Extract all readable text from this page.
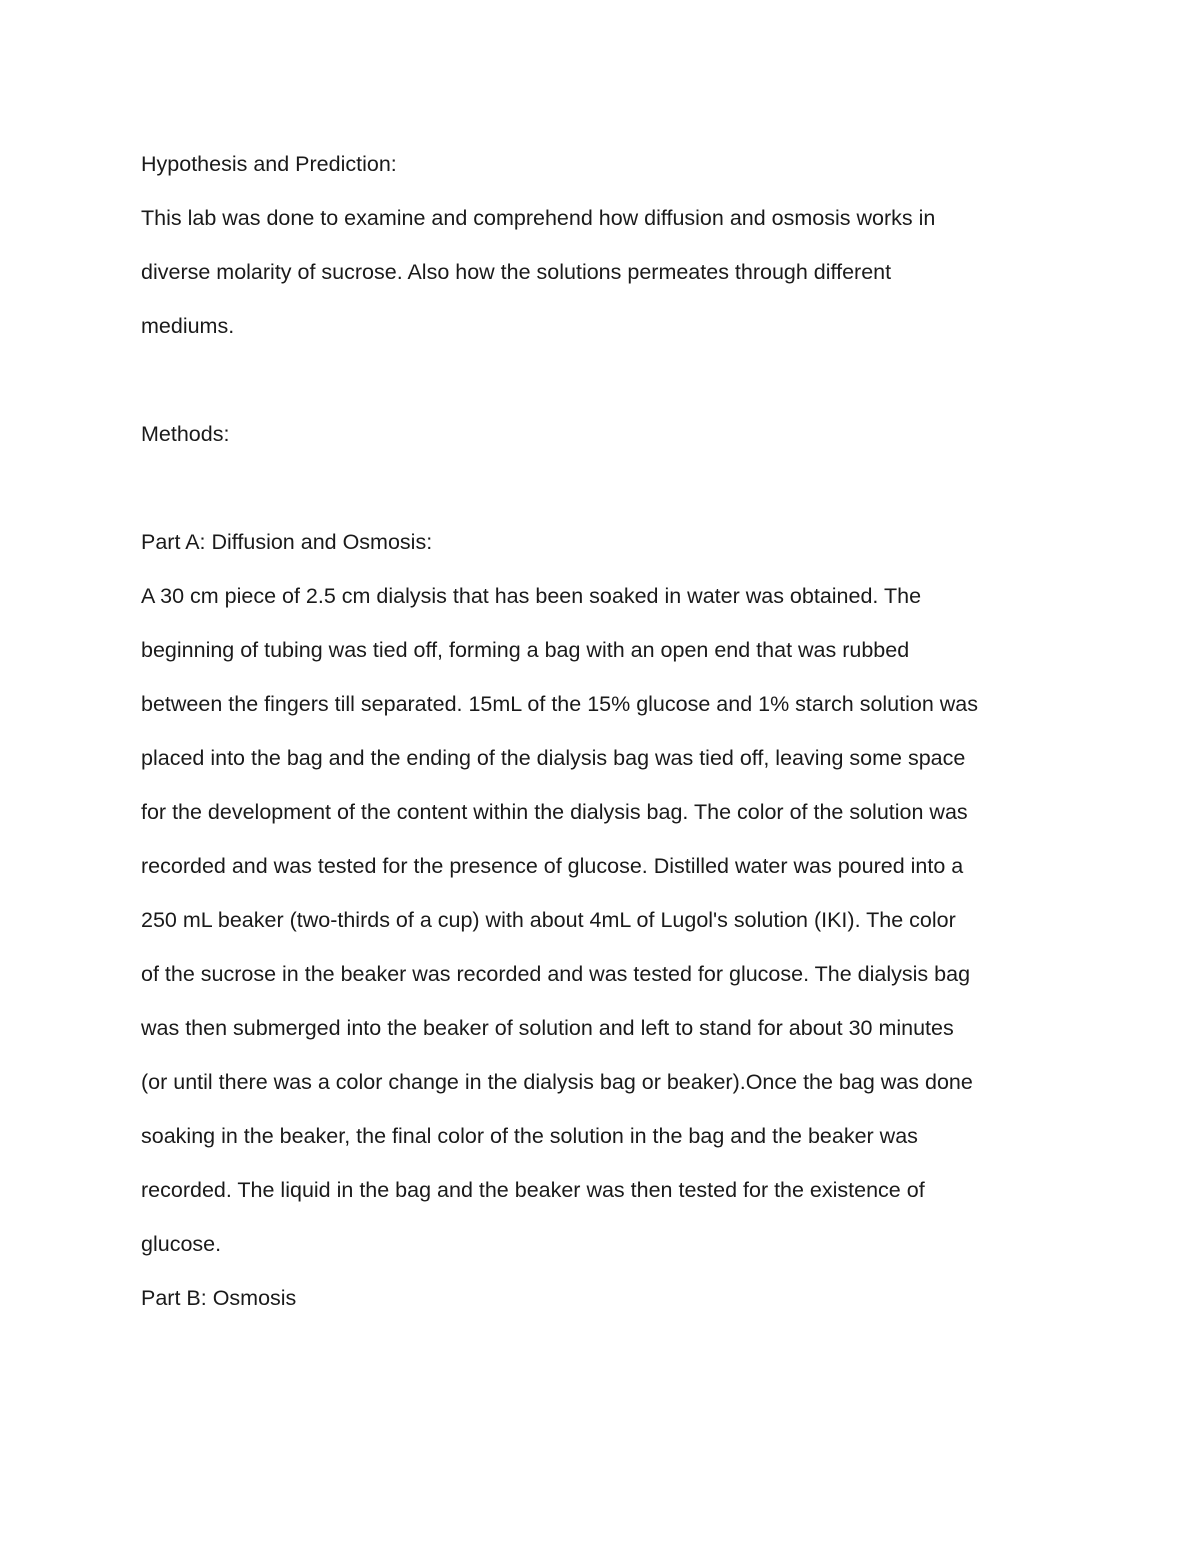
Hypothesis and Prediction:
This lab was done to examine and comprehend how diffusion and osmosis works in
diverse molarity of sucrose. Also how the solutions permeates through different
mediums.
Methods:
Part A: Diffusion and Osmosis:
A 30 cm piece of 2.5 cm dialysis that has been soaked in water was obtained. The
beginning of tubing was tied off, forming a bag with an open end that was rubbed
between the fingers till separated. 15mL of the 15% glucose and 1% starch solution was
placed into the bag and the ending of the dialysis bag was tied off, leaving some space
for the development of the content within the dialysis bag. The color of the solution was
recorded and was tested for the presence of glucose. Distilled water was poured into a
250 mL beaker (two-thirds of a cup) with about 4mL of Lugol's solution (IKI). The color
of the sucrose in the beaker was recorded and was tested for glucose. The dialysis bag
was then submerged into the beaker of solution and left to stand for about 30 minutes
(or until there was a color change in the dialysis bag or beaker).Once the bag was done
soaking in the beaker, the final color of the solution in the bag and the beaker was
recorded. The liquid in the bag and the beaker was then tested for the existence of
glucose.
Part B: Osmosis
